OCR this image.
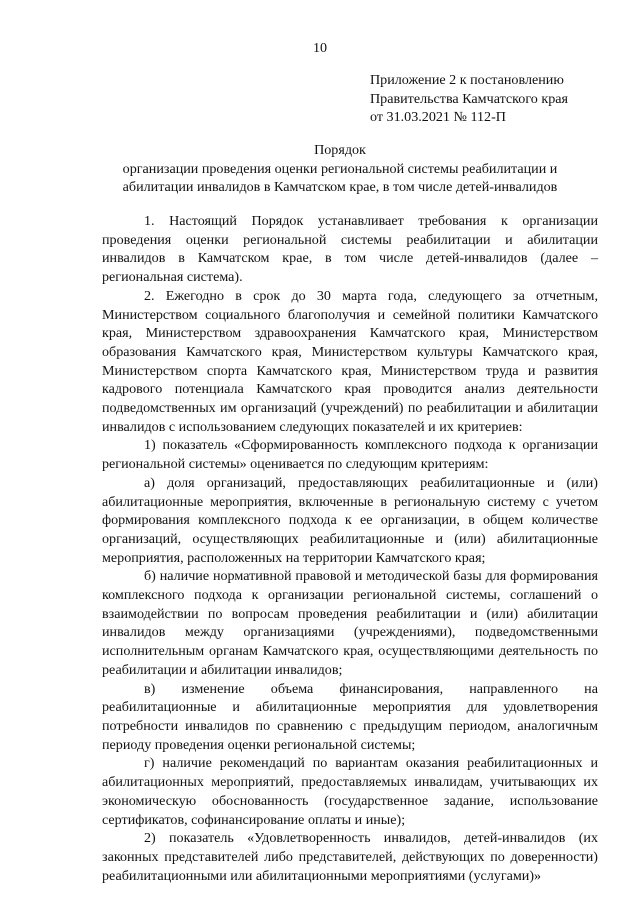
10
Приложение 2 к постановлению
Правительства Камчатского края
от 31.03.2021 № 112-П
Порядок
организации проведения оценки региональной системы реабилитации и
абилитации инвалидов в Камчатском крае, в том числе детей-инвалидов

1. Настоящий Порядок устанавливает требования к организации проведения оценки региональной системы реабилитации и абилитации инвалидов в Камчатском крае, в том числе детей-инвалидов (далее – региональная система).

2. Ежегодно в срок до 30 марта года, следующего за отчетным, Министерством социального благополучия и семейной политики Камчатского края, Министерством здравоохранения Камчатского края, Министерством образования Камчатского края, Министерством культуры Камчатского края, Министерством спорта Камчатского края, Министерством труда и развития кадрового потенциала Камчатского края проводится анализ деятельности подведомственных им организаций (учреждений) по реабилитации и абилитации инвалидов с использованием следующих показателей и их критериев:

1) показатель «Сформированность комплексного подхода к организации региональной системы» оценивается по следующим критериям:

а) доля организаций, предоставляющих реабилитационные и (или) абилитационные мероприятия, включенные в региональную систему с учетом формирования комплексного подхода к ее организации, в общем количестве организаций, осуществляющих реабилитационные и (или) абилитационные мероприятия, расположенных на территории Камчатского края;

б) наличие нормативной правовой и методической базы для формирования комплексного подхода к организации региональной системы, соглашений о взаимодействии по вопросам проведения реабилитации и (или) абилитации инвалидов между организациями (учреждениями), подведомственными исполнительным органам Камчатского края, осуществляющими деятельность по реабилитации и абилитации инвалидов;

в) изменение объема финансирования, направленного на реабилитационные и абилитационные мероприятия для удовлетворения потребности инвалидов по сравнению с предыдущим периодом, аналогичным периоду проведения оценки региональной системы;

г) наличие рекомендаций по вариантам оказания реабилитационных и абилитационных мероприятий, предоставляемых инвалидам, учитывающих их экономическую обоснованность (государственное задание, использование сертификатов, софинансирование оплаты и иные);

2) показатель «Удовлетворенность инвалидов, детей-инвалидов (их законных представителей либо представителей, действующих по доверенности) реабилитационными или абилитационными мероприятиями (услугами)»
